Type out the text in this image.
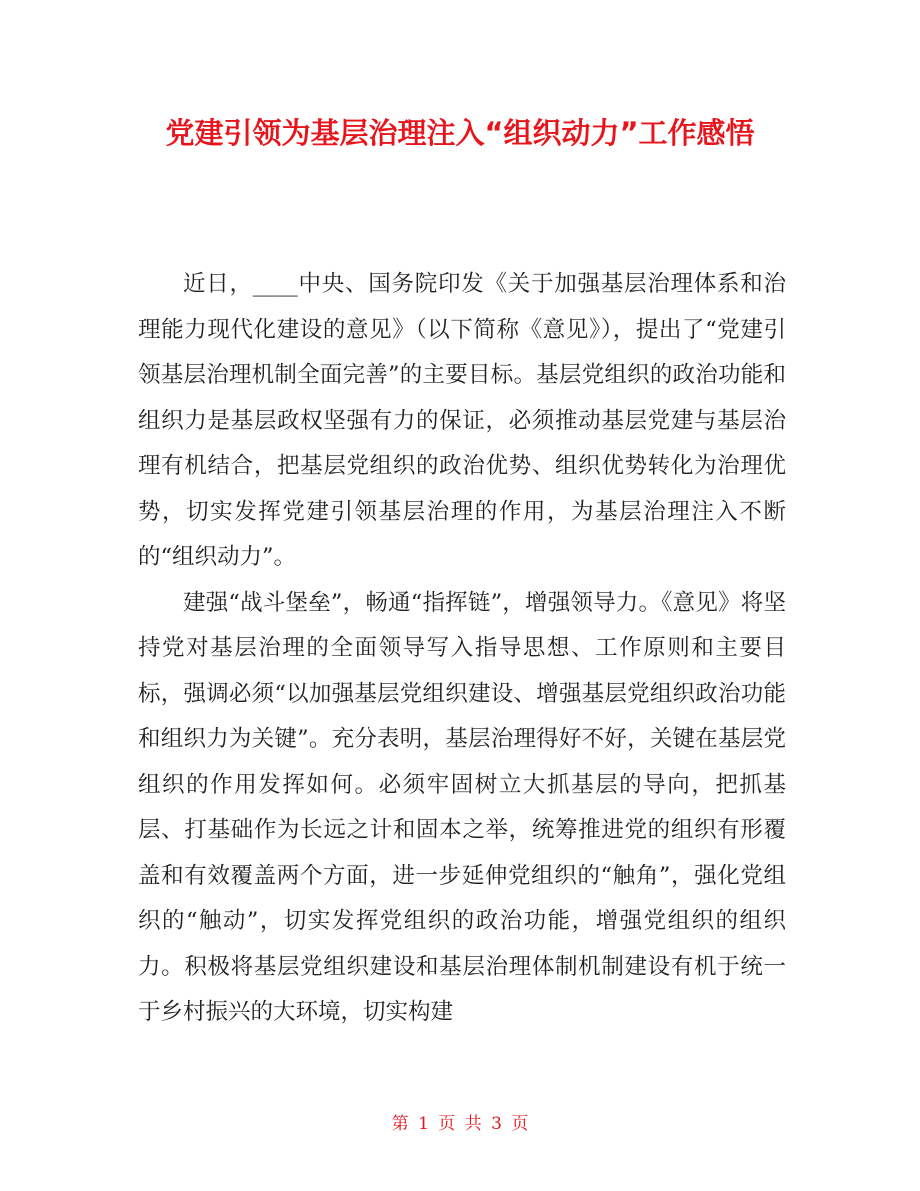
党建引领为基层治理注入“组织动力”工作感悟

近日，____中央、国务院印发《关于加强基层治理体系和治理能力现代化建设的意见》（以下简称《意见》），提出了“党建引领基层治理机制全面完善”的主要目标。基层党组织的政治功能和组织力是基层政权坚强有力的保证，必须推动基层党建与基层治理有机结合，把基层党组织的政治优势、组织优势转化为治理优势，切实发挥党建引领基层治理的作用，为基层治理注入不断的“组织动力”。

建强“战斗堡垒”，畅通“指挥链”，增强领导力。《意见》将坚持党对基层治理的全面领导写入指导思想、工作原则和主要目标，强调必须“以加强基层党组织建设、增强基层党组织政治功能和组织力为关键”。充分表明，基层治理得好不好，关键在基层党组织的作用发挥如何。必须牢固树立大抓基层的导向，把抓基层、打基础作为长远之计和固本之举，统筹推进党的组织有形覆盖和有效覆盖两个方面，进一步延伸党组织的“触角”，强化党组织的“触动”，切实发挥党组织的政治功能，增强党组织的组织力。积极将基层党组织建设和基层治理体制机制建设有机于统一于乡村振兴的大环境，切实构建

第 1 页 共 3 页
